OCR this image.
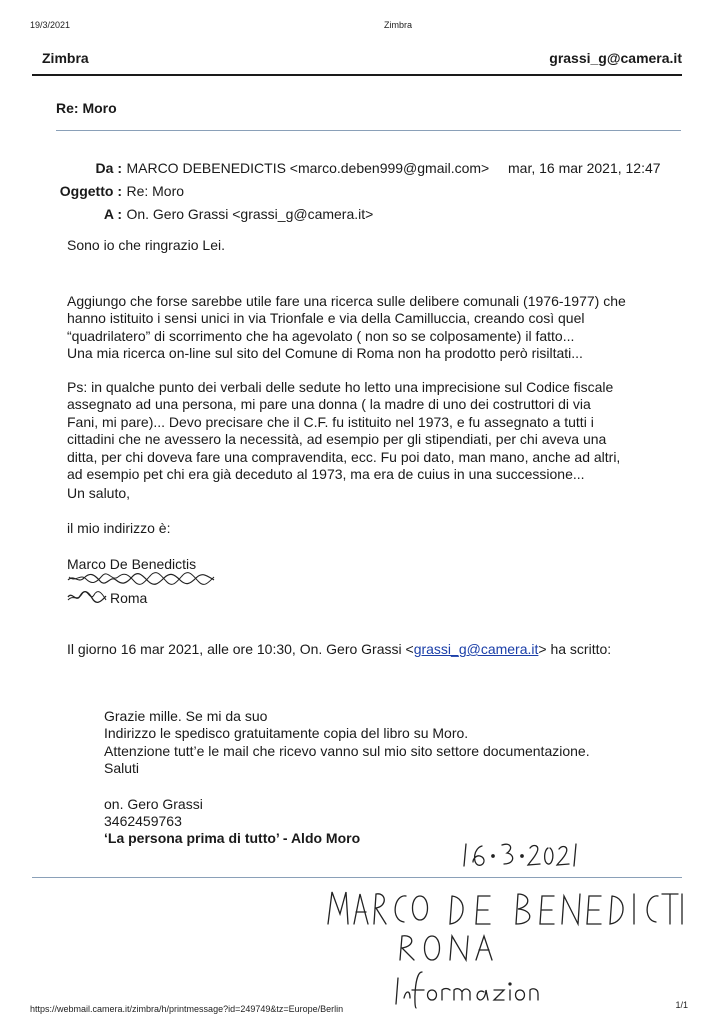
19/3/2021	Zimbra
Zimbra	grassi_g@camera.it
Re: Moro
Da : MARCO DEBENEDICTIS <marco.deben999@gmail.com> mar, 16 mar 2021, 12:47
Oggetto : Re: Moro
A : On. Gero Grassi <grassi_g@camera.it>
Sono io che ringrazio Lei.

Aggiungo che forse sarebbe utile fare una ricerca sulle delibere comunali (1976-1977) che
hanno istituito i sensi unici in via Trionfale e via della Camilluccia, creando così quel
“quadrilatero” di scorrimento che ha agevolato ( non so se colposamente) il fatto...
Una mia ricerca on-line sul sito del Comune di Roma non ha prodotto però risiltati...

Ps: in qualche punto dei verbali delle sedute ho letto una imprecisione sul Codice fiscale
assegnato ad una persona, mi pare una donna ( la madre di uno dei costruttori di via
Fani, mi pare)... Devo precisare che il C.F. fu istituito nel 1973, e fu assegnato a tutti i
cittadini che ne avessero la necessità, ad esempio per gli stipendiati, per chi aveva una
ditta, per chi doveva fare una compravendita, ecc. Fu poi dato, man mano, anche ad altri,
ad esempio pet chi era già deceduto al 1973, ma era de cuius in una successione...

Un saluto,
il mio indirizzo è:
Marco De Benedictis
Roma
Il giorno 16 mar 2021, alle ore 10:30, On. Gero Grassi <grassi_g@camera.it> ha scritto:

Grazie mille. Se mi da suo
Indirizzo le spedisco gratuitamente copia del libro su Moro.
Attenzione tutt’e le mail che ricevo vanno sul mio sito settore documentazione.
Saluti

on. Gero Grassi
3462459763

‘La persona prima di tutto’ - Aldo Moro
https://webmail.camera.it/zimbra/h/printmessage?id=249749&tz=Europe/Berlin	1/1
